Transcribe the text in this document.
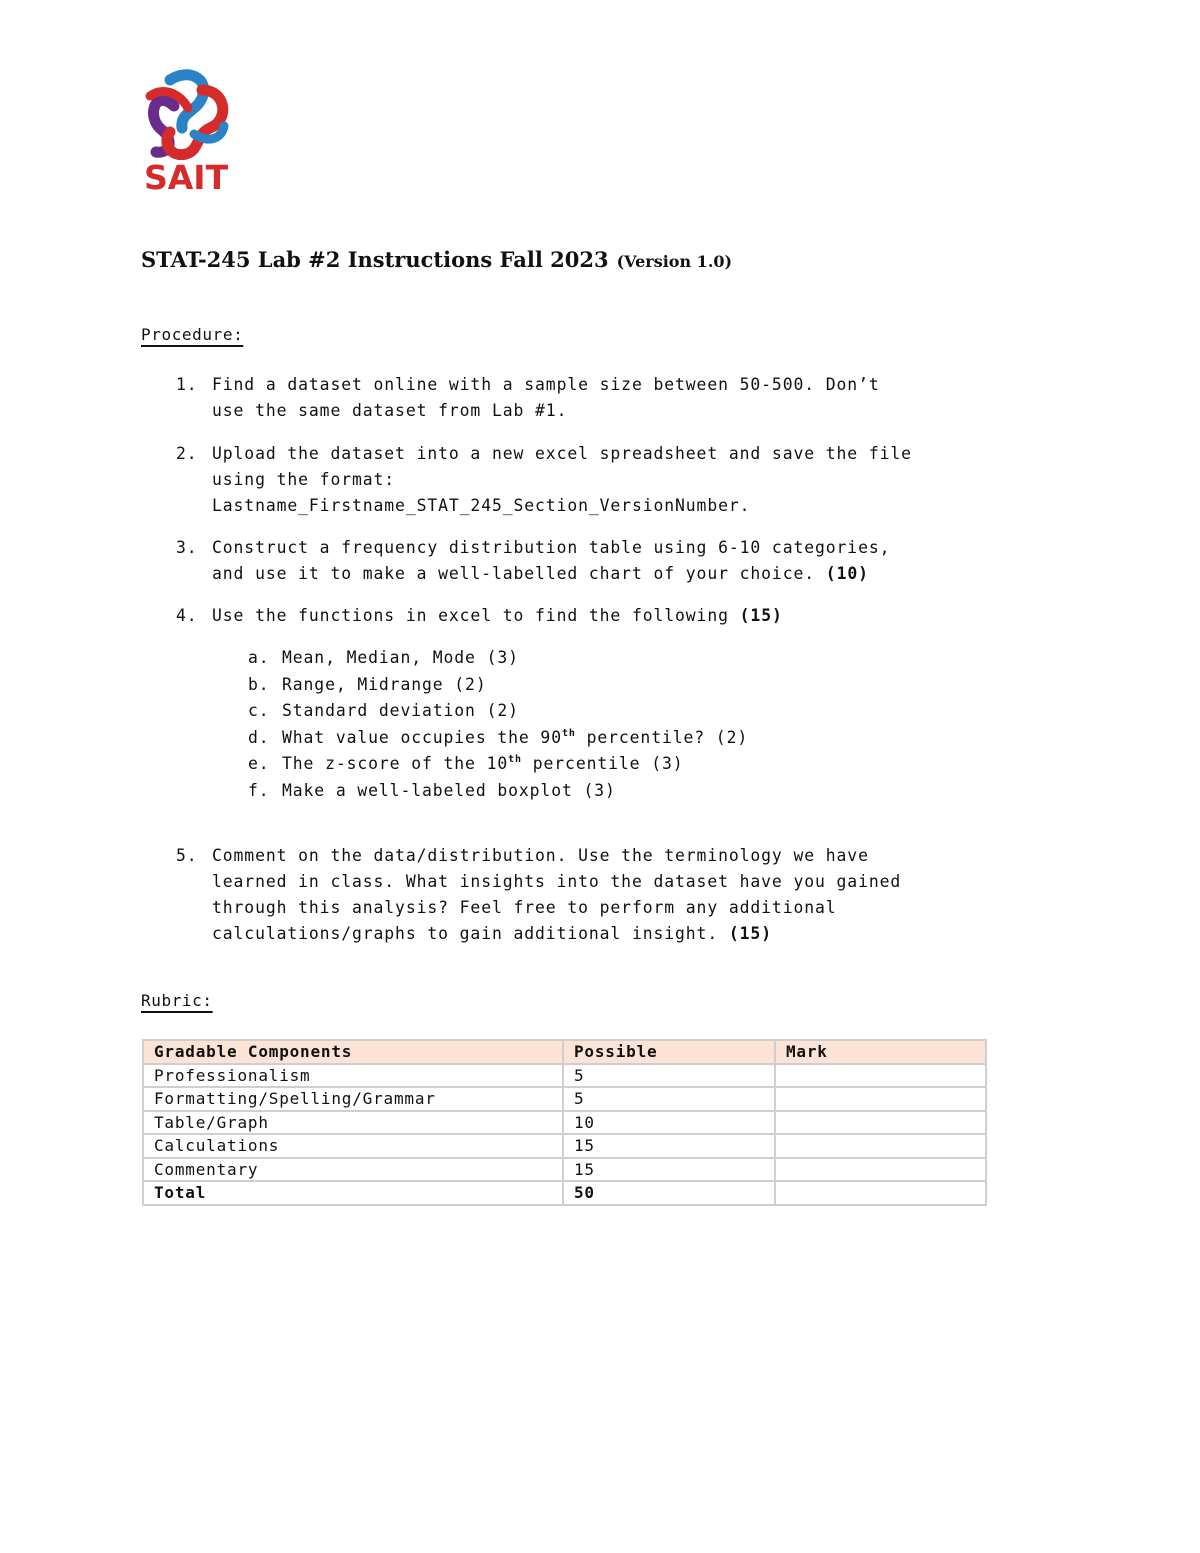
SAIT
STAT-245 Lab #2 Instructions Fall 2023 (Version 1.0)
Procedure:
1. Find a dataset online with a sample size between 50-500. Don’t
use the same dataset from Lab #1.
2. Upload the dataset into a new excel spreadsheet and save the file
using the format:
Lastname_Firstname_STAT_245_Section_VersionNumber.
3. Construct a frequency distribution table using 6-10 categories,
and use it to make a well-labelled chart of your choice. (10)
4. Use the functions in excel to find the following (15)
a. Mean, Median, Mode (3)
b. Range, Midrange (2)
c. Standard deviation (2)
d. What value occupies the 90th percentile? (2)
e. The z-score of the 10th percentile (3)
f. Make a well-labeled boxplot (3)
5. Comment on the data/distribution. Use the terminology we have
learned in class. What insights into the dataset have you gained
through this analysis? Feel free to perform any additional
calculations/graphs to gain additional insight. (15)
Rubric:
Gradable Components	Possible	Mark
Professionalism	5	
Formatting/Spelling/Grammar	5	
Table/Graph	10	
Calculations	15	
Commentary	15	
Total	50	
